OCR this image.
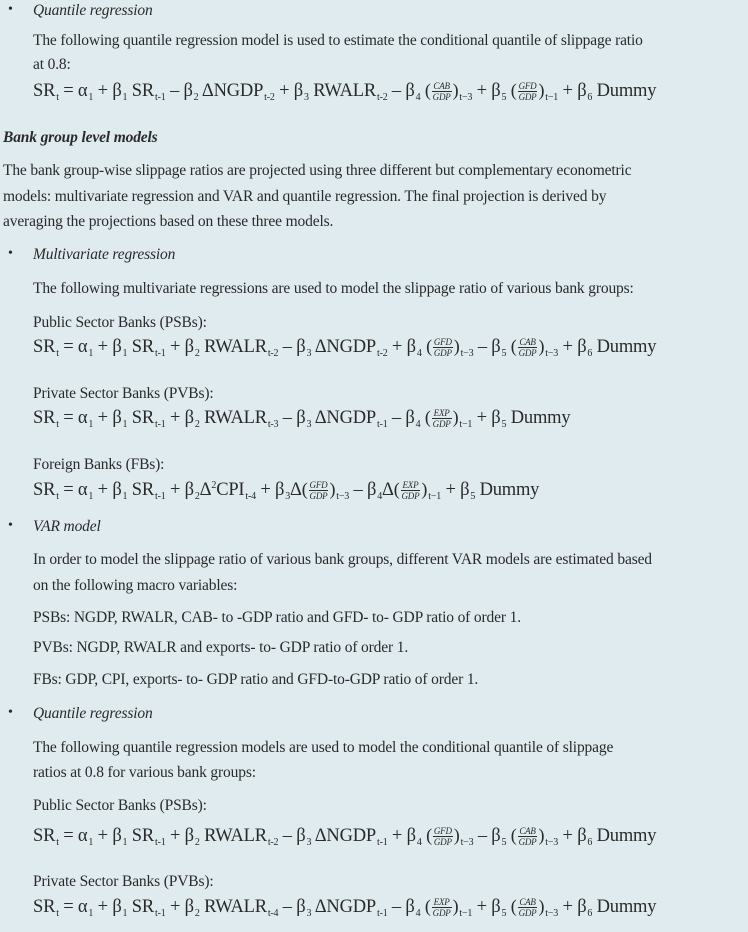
• Quantile regression
The following quantile regression model is used to estimate the conditional quantile of slippage ratio
at 0.8:
$SR_t = \alpha_1 + \beta_1$ $SR_{t-1} - \beta_2$ $\Delta NGDP_{t-2} + \beta_3$ $RWALR_{t-2} - \beta_4$ ( $\frac{\text{CAB}}{\text{GDP}} )_{t-3} + \beta_5$ ( $\frac{\text{GFD}}{\text{GDP}} )_{t-1} + \beta_6$ Dummy
Bank group level models
The bank group-wise slippage ratios are projected using three different but complementary econometric
models: multivariate regression and VAR and quantile regression. The final projection is derived by
averaging the projections based on these three models.
• Multivariate regression
The following multivariate regressions are used to model the slippage ratio of various bank groups:
Public Sector Banks (PSBs):
$SR_t = \alpha_1 + \beta_1$ $SR_{t-1} + \beta_2$ $RWALR_{t-2} - \beta_3$ $\Delta NGDP_{t-2} + \beta_4$ ( $\frac{\text{GFD}}{\text{GDP}} )_{t-3} - \beta_5$ ( $\frac{\text{CAB}}{\text{GDP}} )_{t-3} + \beta_6$ Dummy
Private Sector Banks (PVBs):
$SR_t = \alpha_1 + \beta_1$ $SR_{t-1} + \beta_2$ $RWALR_{t-3} - \beta_3$ $\Delta NGDP_{t-1} - \beta_4$ ( $\frac{\text{EXP}}{\text{GDP}} )_{t-1} + \beta_5$ Dummy
Foreign Banks (FBs):
$SR_t = \alpha_1 + \beta_1$ $SR_{t-1} + \beta_2\Delta^2CPI_{t-4} + \beta_3\Delta( \frac{\text{GFD}}{\text{GDP}} )_{t-3} - \beta_4\Delta( \frac{\text{EXP}}{\text{GDP}} )_{t-1} + \beta_5$ Dummy
• VAR model
In order to model the slippage ratio of various bank groups, different VAR models are estimated based
on the following macro variables:
PSBs: NGDP, RWALR, CAB- to -GDP ratio and GFD- to- GDP ratio of order 1.
PVBs: NGDP, RWALR and exports- to- GDP ratio of order 1.
FBs: GDP, CPI, exports- to- GDP ratio and GFD-to-GDP ratio of order 1.
• Quantile regression
The following quantile regression models are used to model the conditional quantile of slippage
ratios at 0.8 for various bank groups:
Public Sector Banks (PSBs):
$SR_t = \alpha_1 + \beta_1$ $SR_{t-1} + \beta_2$ $RWALR_{t-2} - \beta_3$ $\Delta NGDP_{t-1} + \beta_4$ ( $\frac{\text{GFD}}{\text{GDP}} )_{t-3} - \beta_5$ ( $\frac{\text{CAB}}{\text{GDP}} )_{t-3} + \beta_6$ Dummy
Private Sector Banks (PVBs):
$SR_t = \alpha_1 + \beta_1$ $SR_{t-1} + \beta_2$ $RWALR_{t-4} - \beta_3$ $\Delta NGDP_{t-1} - \beta_4$ ( $\frac{\text{EXP}}{\text{GDP}} )_{t-1} + \beta_5$ ( $\frac{\text{CAB}}{\text{GDP}} )_{t-3} + \beta_6$ Dummy
